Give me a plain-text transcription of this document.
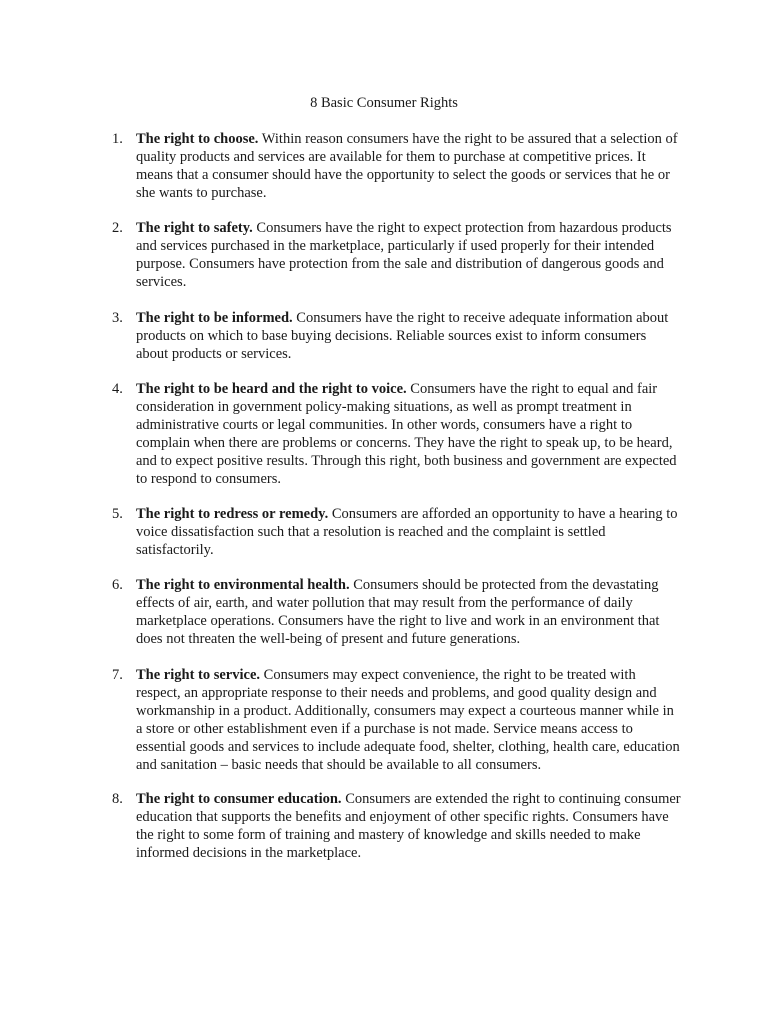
8 Basic Consumer Rights
1. The right to choose. Within reason consumers have the right to be assured that a selection of quality products and services are available for them to purchase at competitive prices. It means that a consumer should have the opportunity to select the goods or services that he or she wants to purchase.

2. The right to safety. Consumers have the right to expect protection from hazardous products and services purchased in the marketplace, particularly if used properly for their intended purpose. Consumers have protection from the sale and distribution of dangerous goods and services.

3. The right to be informed. Consumers have the right to receive adequate information about products on which to base buying decisions. Reliable sources exist to inform consumers about products or services.

4. The right to be heard and the right to voice. Consumers have the right to equal and fair consideration in government policy-making situations, as well as prompt treatment in administrative courts or legal communities. In other words, consumers have a right to complain when there are problems or concerns. They have the right to speak up, to be heard, and to expect positive results. Through this right, both business and government are expected to respond to consumers.

5. The right to redress or remedy. Consumers are afforded an opportunity to have a hearing to voice dissatisfaction such that a resolution is reached and the complaint is settled satisfactorily.

6. The right to environmental health. Consumers should be protected from the devastating effects of air, earth, and water pollution that may result from the performance of daily marketplace operations. Consumers have the right to live and work in an environment that does not threaten the well-being of present and future generations.

7. The right to service. Consumers may expect convenience, the right to be treated with respect, an appropriate response to their needs and problems, and good quality design and workmanship in a product. Additionally, consumers may expect a courteous manner while in a store or other establishment even if a purchase is not made. Service means access to essential goods and services to include adequate food, shelter, clothing, health care, education and sanitation – basic needs that should be available to all consumers.

8. The right to consumer education. Consumers are extended the right to continuing consumer education that supports the benefits and enjoyment of other specific rights. Consumers have the right to some form of training and mastery of knowledge and skills needed to make informed decisions in the marketplace.
